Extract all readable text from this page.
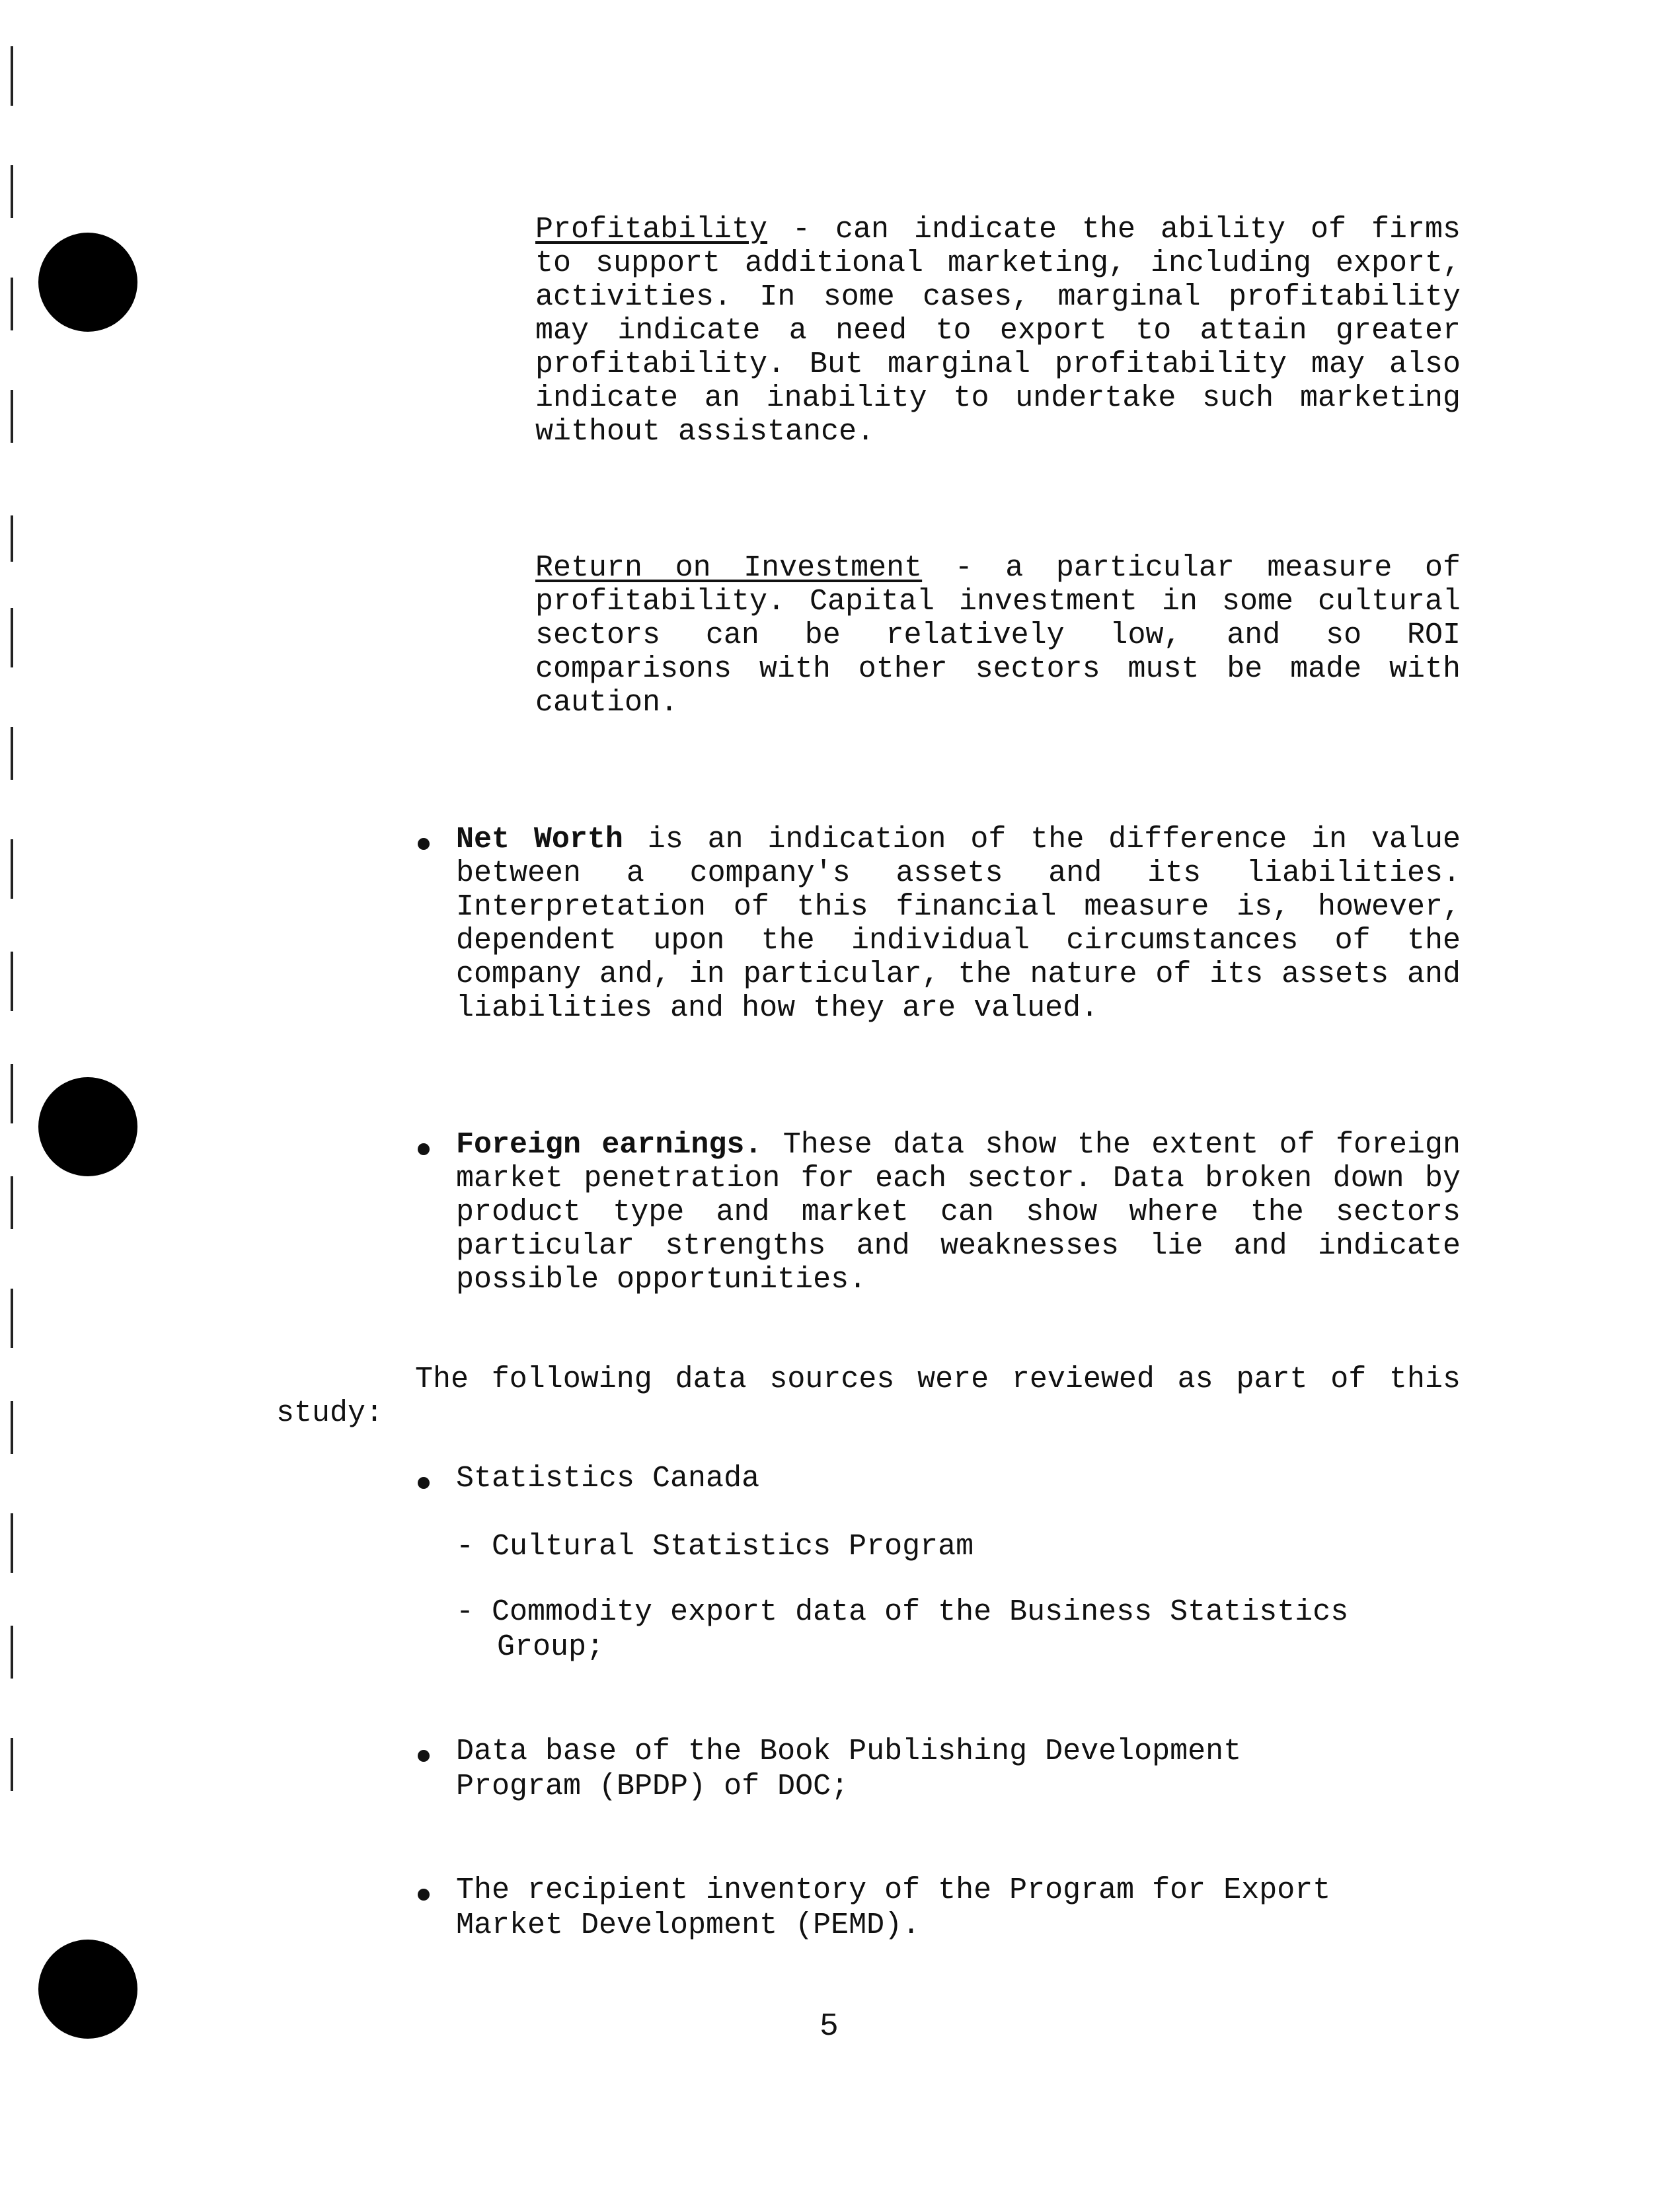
Profitability - can indicate the ability of firms to support additional marketing, including export, activities. In some cases, marginal profitability may indicate a need to export to attain greater profitability. But marginal profitability may also indicate an inability to undertake such marketing without assistance.
Return on Investment - a particular measure of profitability. Capital investment in some cultural sectors can be relatively low, and so ROI comparisons with other sectors must be made with caution.
Net Worth is an indication of the difference in value between a company's assets and its liabilities. Interpretation of this financial measure is, however, dependent upon the individual circumstances of the company and, in particular, the nature of its assets and liabilities and how they are valued.
Foreign earnings. These data show the extent of foreign market penetration for each sector. Data broken down by product type and market can show where the sectors particular strengths and weaknesses lie and indicate possible opportunities.
The following data sources were reviewed as part of this study:
Statistics Canada
- Cultural Statistics Program
- Commodity export data of the Business Statistics
Group;
Data base of the Book Publishing Development
Program (BPDP) of DOC;
The recipient inventory of the Program for Export
Market Development (PEMD).
5
